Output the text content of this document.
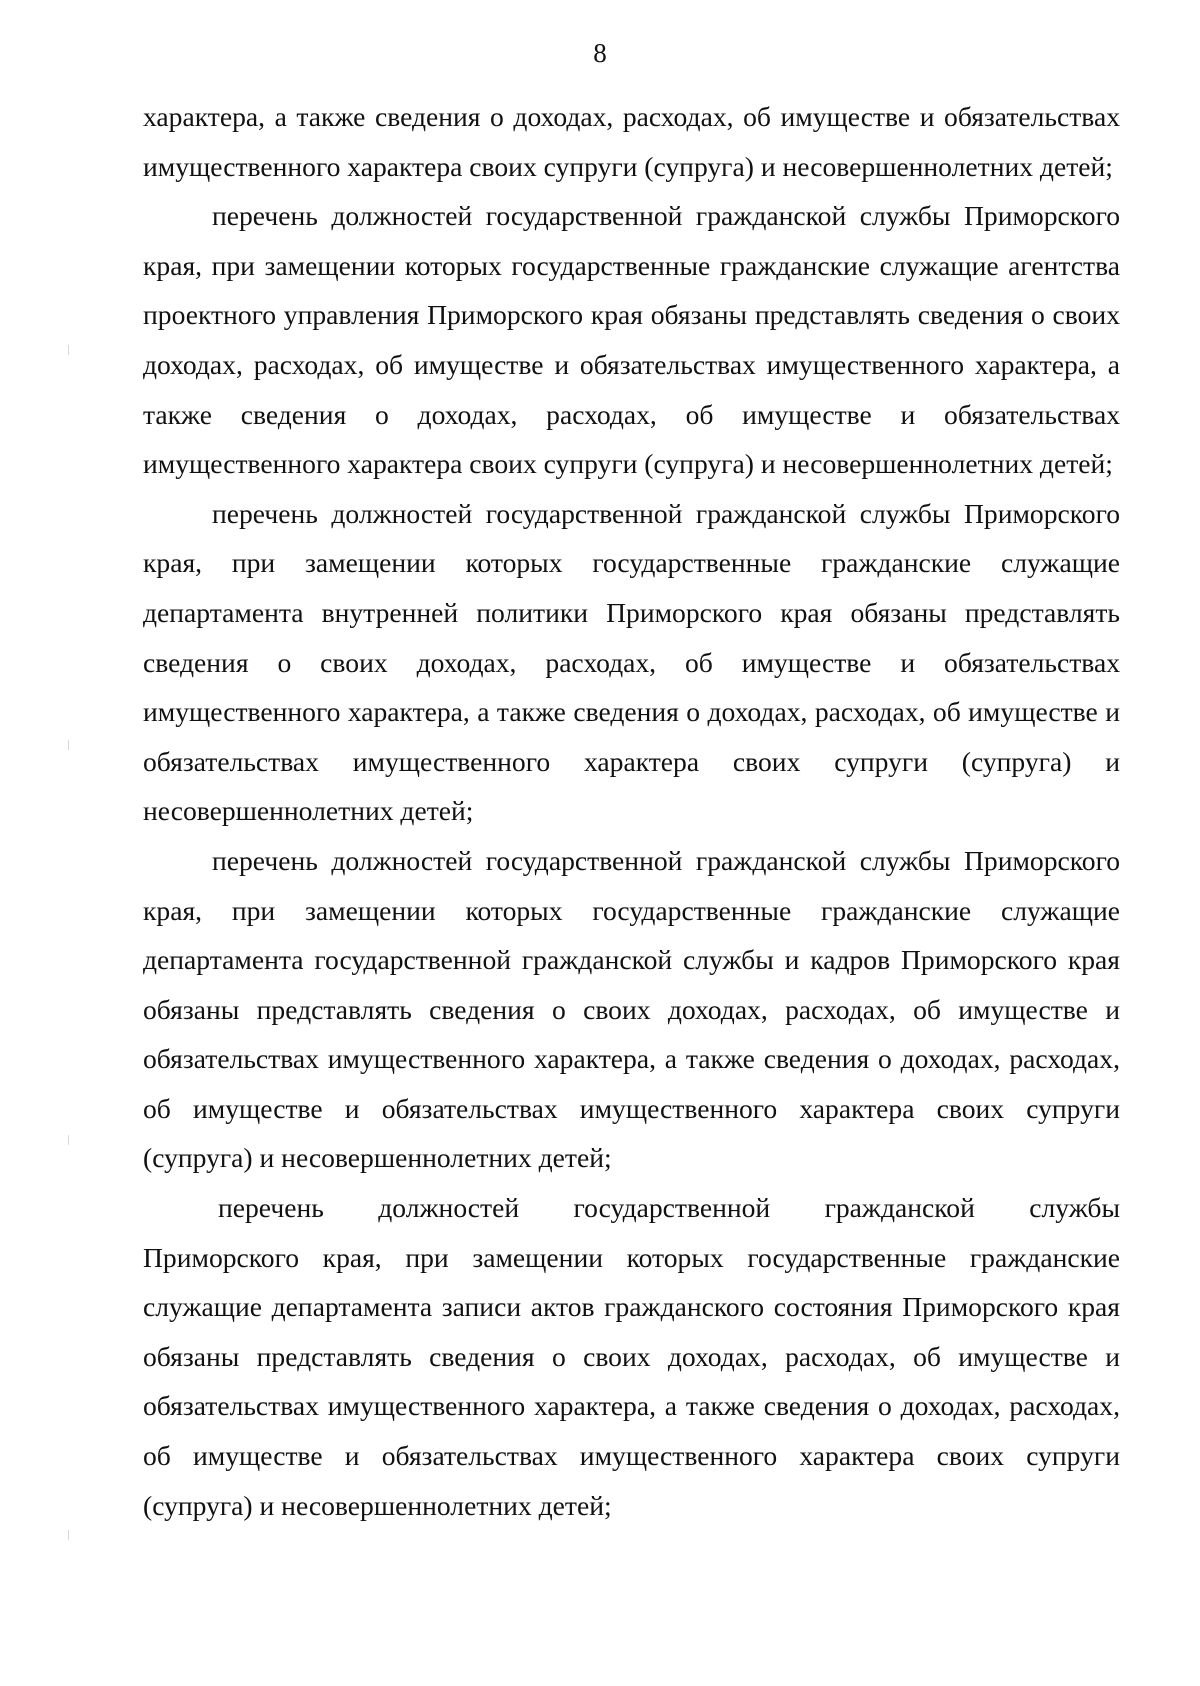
8

характера, а также сведения о доходах, расходах, об имуществе и обязательствах имущественного характера своих супруги (супруга) и несовершеннолетних детей;

перечень должностей государственной гражданской службы Приморского края, при замещении которых государственные гражданские служащие агентства проектного управления Приморского края обязаны представлять сведения о своих доходах, расходах, об имуществе и обязательствах имущественного характера, а также сведения о доходах, расходах, об имуществе и обязательствах имущественного характера своих супруги (супруга) и несовершеннолетних детей;

перечень должностей государственной гражданской службы Приморского края, при замещении которых государственные гражданские служащие департамента внутренней политики Приморского края обязаны представлять сведения о своих доходах, расходах, об имуществе и обязательствах имущественного характера, а также сведения о доходах, расходах, об имуществе и обязательствах имущественного характера своих супруги (супруга) и несовершеннолетних детей;

перечень должностей государственной гражданской службы Приморского края, при замещении которых государственные гражданские служащие департамента государственной гражданской службы и кадров Приморского края обязаны представлять сведения о своих доходах, расходах, об имуществе и обязательствах имущественного характера, а также сведения о доходах, расходах, об имуществе и обязательствах имущественного характера своих супруги (супруга) и несовершеннолетних детей;

перечень должностей государственной гражданской службы

Приморского края, при замещении которых государственные гражданские служащие департамента записи актов гражданского состояния Приморского края обязаны представлять сведения о своих доходах, расходах, об имуществе и обязательствах имущественного характера, а также сведения о доходах, расходах, об имуществе и обязательствах имущественного характера своих супруги (супруга) и несовершеннолетних детей;
